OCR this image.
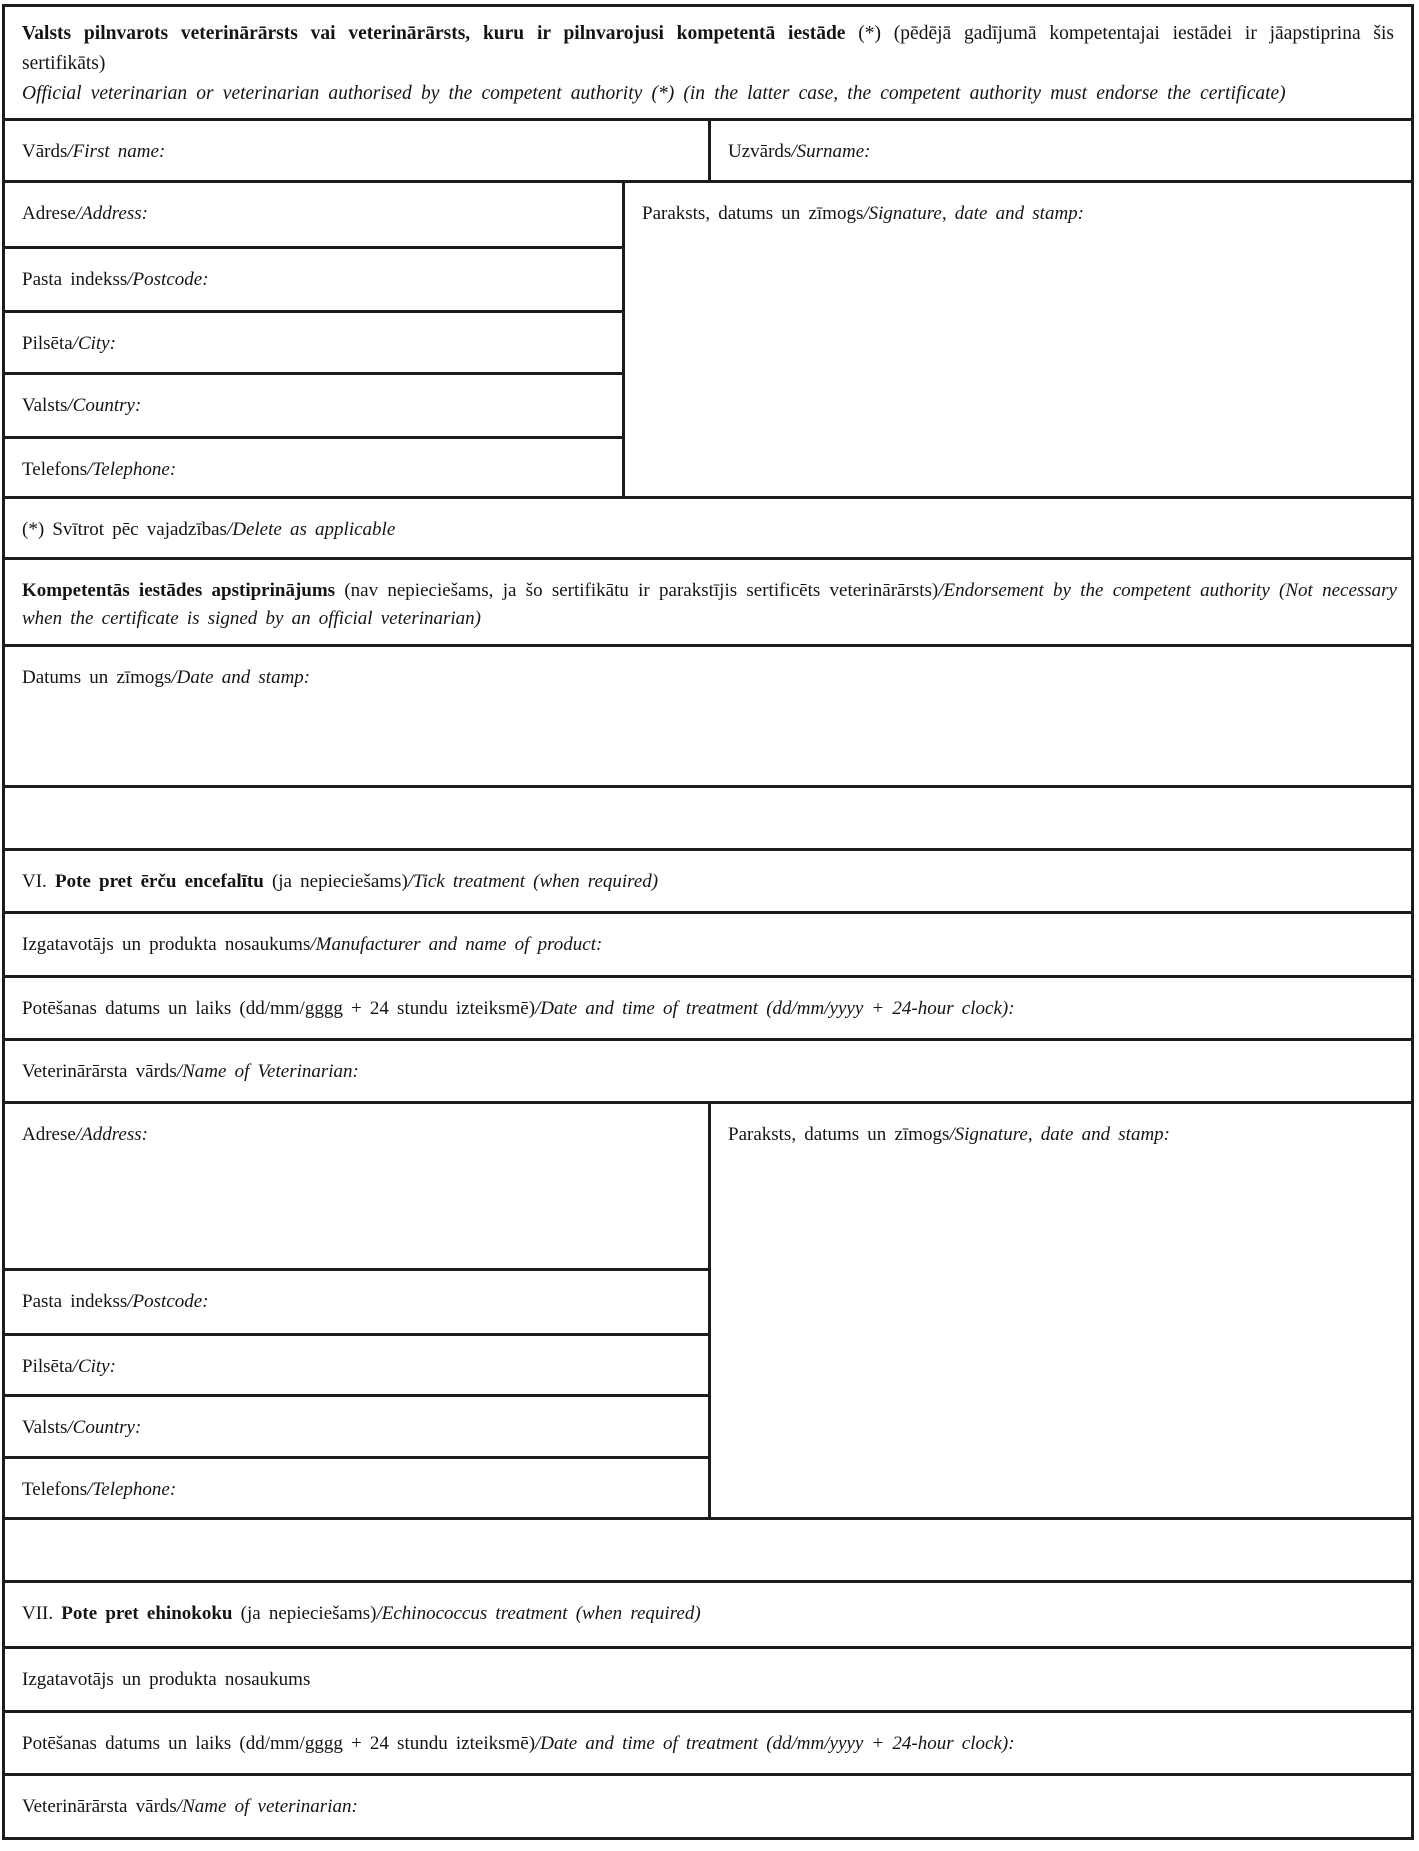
Valsts pilnvarots veterinārārsts vai veterinārārsts, kuru ir pilnvarojusi kompetentā iestāde (*) (pēdējā gadījumā kompetentajai iestādei ir jāapstiprina šis sertifikāts)

Official veterinarian or veterinarian authorised by the competent authority (*) (in the latter case, the competent authority must endorse the certificate)

Vārds/First name:	Uzvārds/Surname:
Adrese/Address:
Pasta indekss/Postcode:
Pilsēta/City:
Valsts/Country:
Telefons/Telephone:
Paraksts, datums un zīmogs/Signature, date and stamp:
(*) Svītrot pēc vajadzības/Delete as applicable
Kompetentās iestādes apstiprinājums (nav nepieciešams, ja šo sertifikātu ir parakstījis sertificēts veterinārārsts)/Endorsement by the competent authority (Not necessary when the certificate is signed by an official veterinarian)
Datums un zīmogs/Date and stamp:
VI. Pote pret ērču encefalītu (ja nepieciešams)/Tick treatment (when required)
Izgatavotājs un produkta nosaukums/Manufacturer and name of product:
Potēšanas datums un laiks (dd/mm/gggg + 24 stundu izteiksmē)/Date and time of treatment (dd/mm/yyyy + 24-hour clock):
Veterinārārsta vārds/Name of Veterinarian:
Adrese/Address:
Pasta indekss/Postcode:
Pilsēta/City:
Valsts/Country:
Telefons/Telephone:
Paraksts, datums un zīmogs/Signature, date and stamp:
VII. Pote pret ehinokoku (ja nepieciešams)/Echinococcus treatment (when required)
Izgatavotājs un produkta nosaukums
Potēšanas datums un laiks (dd/mm/gggg + 24 stundu izteiksmē)/Date and time of treatment (dd/mm/yyyy + 24-hour clock):
Veterinārārsta vārds/Name of veterinarian:
